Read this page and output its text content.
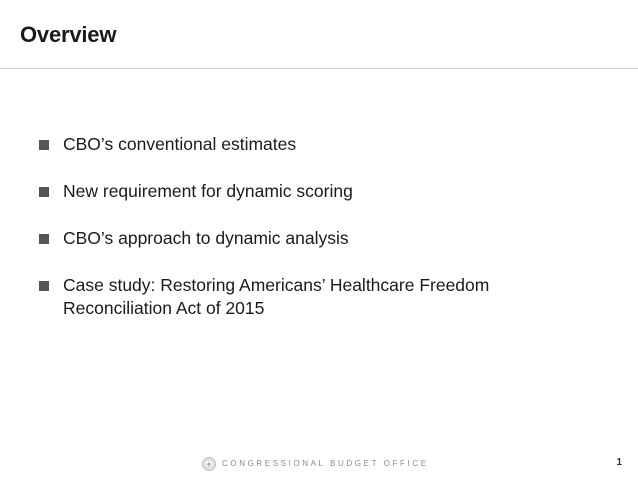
Overview
CBO’s conventional estimates
New requirement for dynamic scoring
CBO’s approach to dynamic analysis
Case study: Restoring Americans’ Healthcare Freedom
Reconciliation Act of 2015
CONGRESSIONAL BUDGET OFFICE	1
